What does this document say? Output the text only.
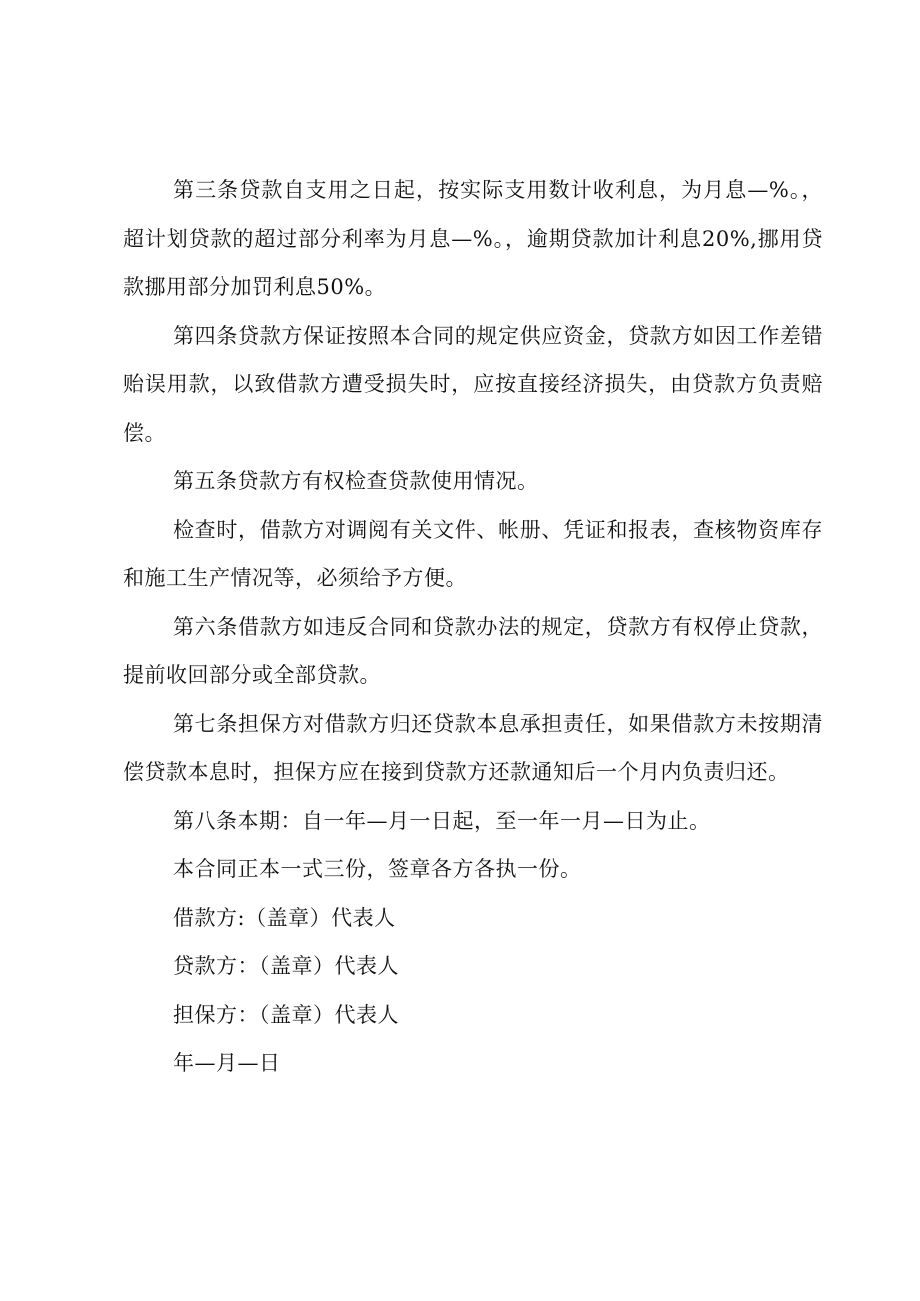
第三条贷款自支用之日起，按实际支用数计收利息，为月息—%。，超计划贷款的超过部分利率为月息—%。，逾期贷款加计利息20%,挪用贷款挪用部分加罚利息50%。

第四条贷款方保证按照本合同的规定供应资金，贷款方如因工作差错贻误用款，以致借款方遭受损失时，应按直接经济损失，由贷款方负责赔偿。

第五条贷款方有权检查贷款使用情况。

检查时，借款方对调阅有关文件、帐册、凭证和报表，查核物资库存和施工生产情况等，必须给予方便。

第六条借款方如违反合同和贷款办法的规定，贷款方有权停止贷款，提前收回部分或全部贷款。

第七条担保方对借款方归还贷款本息承担责任，如果借款方未按期清偿贷款本息时，担保方应在接到贷款方还款通知后一个月内负责归还。

第八条本期：自一年—月一日起，至一年一月—日为止。

本合同正本一式三份，签章各方各执一份。

借款方:（盖章）代表人

贷款方：（盖章）代表人

担保方：（盖章）代表人

年—月—日
